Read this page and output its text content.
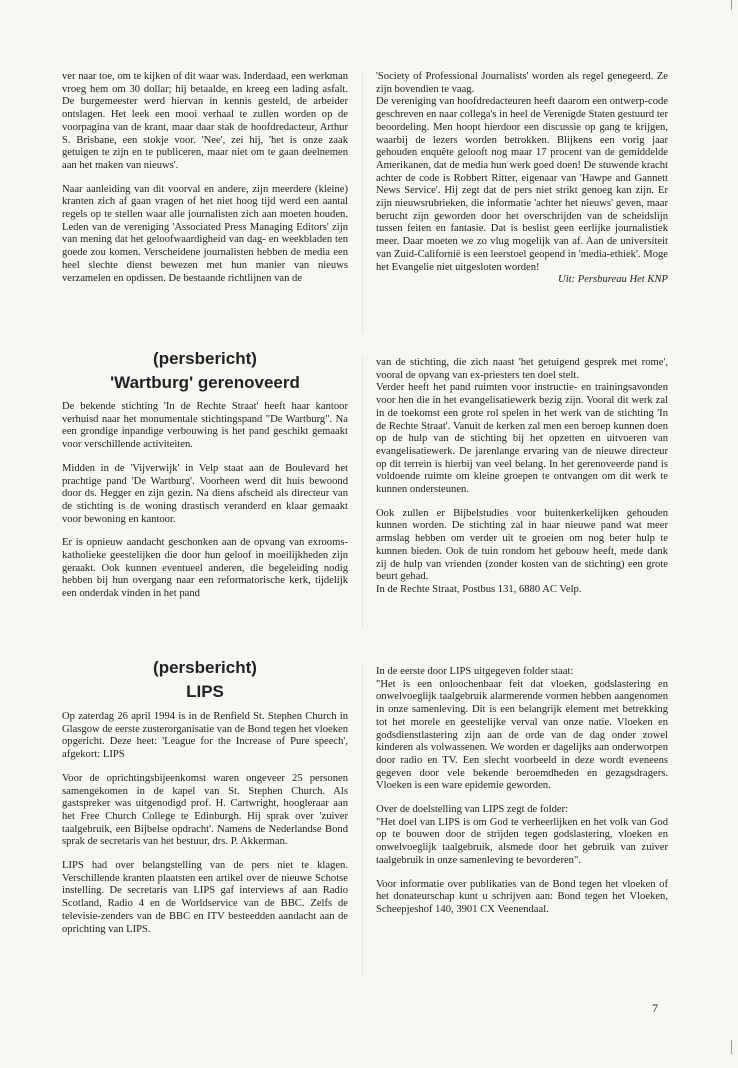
ver naar toe, om te kijken of dit waar was. Inderdaad, een werkman vroeg hem om 30 dollar; hij betaalde, en kreeg een lading asfalt. De burgemeester werd hiervan in kennis gesteld, de arbeider ontslagen. Het leek een mooi verhaal te zullen worden op de voorpagina van de krant, maar daar stak de hoofdredacteur, Arthur S. Brisbane, een stokje voor. 'Nee', zei hij, 'het is onze zaak getuigen te zijn en te publiceren, maar niet om te gaan deelnemen aan het maken van nieuws'.

Naar aanleiding van dit voorval en andere, zijn meerdere (kleine) kranten zich af gaan vragen of het niet hoog tijd werd een aantal regels op te stellen waar alle journalisten zich aan moeten houden. Leden van de vereniging 'Associated Press Managing Editors' zijn van mening dat het geloofwaardigheid van dag- en weekbladen ten goede zou komen. Verscheidene journalisten hebben de media een heel slechte dienst bewezen met hun manier van nieuws verzamelen en opdissen. De bestaande richtlijnen van de

'Society of Professional Journalists' worden als regel genegeerd. Ze zijn bovendien te vaag.
De vereniging van hoofdredacteuren heeft daarom een ontwerp-code geschreven en naar collega's in heel de Verenigde Staten gestuurd ter beoordeling. Men hoopt hierdoor een discussie op gang te krijgen, waarbij de lezers worden betrokken. Blijkens een vorig jaar gehouden enquête gelooft nog maar 17 procent van de gemiddelde Amerikanen, dat de media hun werk goed doen! De stuwende kracht achter de code is Robbert Ritter, eigenaar van 'Hawpe and Gannett News Service'. Hij zegt dat de pers niet strikt genoeg kan zijn. Er zijn nieuwsrubrieken, die informatie 'achter het nieuws' geven, maar berucht zijn geworden door het overschrijden van de scheidslijn tussen feiten en fantasie. Dat is beslist geen eerlijke journalistiek meer. Daar moeten we zo vlug mogelijk van af. Aan de universiteit van Zuid-Californië is een leerstoel geopend in 'media-ethiek'. Moge het Evangelie niet uitgesloten worden!

Uit: Persbureau Het KNP

(persbericht)

'Wartburg' gerenoveerd

De bekende stichting 'In de Rechte Straat' heeft haar kantoor verhuisd naar het monumentale stichtingspand "De Wartburg". Na een grondige inpandige verbouwing is het pand geschikt gemaakt voor verschillende activiteiten.

Midden in de 'Vijverwijk' in Velp staat aan de Boulevard het prachtige pand 'De Wartburg'. Voorheen werd dit huis bewoond door ds. Hegger en zijn gezin. Na diens afscheid als directeur van de stichting is de woning drastisch veranderd en klaar gemaakt voor bewoning en kantoor.

Er is opnieuw aandacht geschonken aan de opvang van exrooms-katholieke geestelijken die door hun geloof in moeilijkheden zijn geraakt. Ook kunnen eventueel anderen, die begeleiding nodig hebben bij hun overgang naar een reformatorische kerk, tijdelijk een onderdak vinden in het pand

van de stichting, die zich naast 'het getuigend gesprek met rome', vooral de opvang van ex-priesters ten doel stelt.
Verder heeft het pand ruimten voor instructie- en trainingsavonden voor hen die in het evangelisatiewerk bezig zijn. Vooral dit werk zal in de toekomst een grote rol spelen in het werk van de stichting 'In de Rechte Straat'. Vanuit de kerken zal men een beroep kunnen doen op de hulp van de stichting bij het opzetten en uitvoeren van evangelisatiewerk. De jarenlange ervaring van de nieuwe directeur op dit terrein is hierbij van veel belang. In het gerenoveerde pand is voldoende ruimte om kleine groepen te ontvangen om dit werk te kunnen ondersteunen.

Ook zullen er Bijbelstudies voor buitenkerkelijken gehouden kunnen worden. De stichting zal in haar nieuwe pand wat meer armslag hebben om verder uit te groeien om nog beter hulp te kunnen bieden. Ook de tuin rondom het gebouw heeft, mede dank zij de hulp van vrienden (zonder kosten van de stichting) een grote beurt gehad.
In de Rechte Straat, Postbus 131, 6880 AC Velp.

(persbericht)

LIPS

Op zaterdag 26 april 1994 is in de Renfield St. Stephen Church in Glasgow de eerste zusterorganisatie van de Bond tegen het vloeken opgericht. Deze heet: 'League for the Increase of Pure speech', afgekort: LIPS

Voor de oprichtingsbijeenkomst waren ongeveer 25 personen samengekomen in de kapel van St. Stephen Church. Als gastspreker was uitgenodigd prof. H. Cartwright, hoogleraar aan het Free Church College te Edinburgh. Hij sprak over 'zuiver taalgebruik, een Bijbelse opdracht'. Namens de Nederlandse Bond sprak de secretaris van het bestuur, drs. P. Akkerman.

LIPS had over belangstelling van de pers niet te klagen. Verschillende kranten plaatsten een artikel over de nieuwe Schotse instelling. De secretaris van LIPS gaf interviews af aan Radio Scotland, Radio 4 en de Worldservice van de BBC. Zelfs de televisie-zenders van de BBC en ITV besteedden aandacht aan de oprichting van LIPS.

In de eerste door LIPS uitgegeven folder staat:
"Het is een onloochenbaar feit dat vloeken, godslastering en onwelvoeglijk taalgebruik alarmerende vormen hebben aangenomen in onze samenleving. Dit is een belangrijk element met betrekking tot het morele en geestelijke verval van onze natie. Vloeken en godsdienstlastering zijn aan de orde van de dag onder zowel kinderen als volwassenen. We worden er dagelijks aan onderworpen door radio en TV. Een slecht voorbeeld in deze wordt eveneens gegeven door vele bekende beroemdheden en gezagsdragers. Vloeken is een ware epidemie geworden.

Over de doelstelling van LIPS zegt de folder:
"Het doel van LIPS is om God te verheerlijken en het volk van God op te bouwen door de strijden tegen godslastering, vloeken en onwelvoeglijk taalgebruik, alsmede door het gebruik van zuiver taalgebruik in onze samenleving te bevorderen".

Voor informatie over publikaties van de Bond tegen het vloeken of het donateurschap kunt u schrijven aan: Bond tegen het Vloeken, Scheepjeshof 140, 3901 CX Veenendaal.

7
